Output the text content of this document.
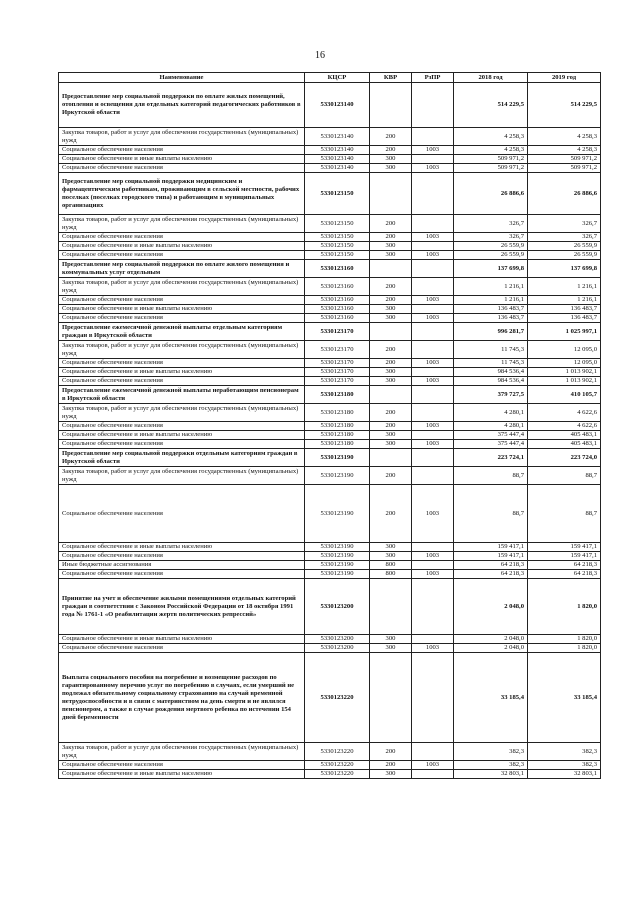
16
Наименование	КЦСР	КВР	РзПР	2018 год	2019 год
Предоставление мер социальной поддержки по оплате жилых помещений, отопления и освещения для отдельных категорий педагогических работников в Иркутской области	5330123140			514 229,5	514 229,5
Закупка товаров, работ и услуг для обеспечения государственных (муниципальных) нужд	5330123140	200		4 258,3	4 258,3
Социальное обеспечение населения	5330123140	200	1003	4 258,3	4 258,3
Социальное обеспечение и иные выплаты населению	5330123140	300		509 971,2	509 971,2
Социальное обеспечение населения	5330123140	300	1003	509 971,2	509 971,2
Предоставление мер социальной поддержки медицинским и фармацевтическим работникам, проживающим в сельской местности, рабочих поселках (поселках городского типа) и работающим в муниципальных организациях	5330123150			26 886,6	26 886,6
Закупка товаров, работ и услуг для обеспечения государственных (муниципальных) нужд	5330123150	200		326,7	326,7
Социальное обеспечение населения	5330123150	200	1003	326,7	326,7
Социальное обеспечение и иные выплаты населению	5330123150	300		26 559,9	26 559,9
Социальное обеспечение населения	5330123150	300	1003	26 559,9	26 559,9
Предоставление мер социальной поддержки по оплате жилого помещения и коммунальных услуг отдельным	5330123160			137 699,8	137 699,8
Закупка товаров, работ и услуг для обеспечения государственных (муниципальных) нужд	5330123160	200		1 216,1	1 216,1
Социальное обеспечение населения	5330123160	200	1003	1 216,1	1 216,1
Социальное обеспечение и иные выплаты населению	5330123160	300		136 483,7	136 483,7
Социальное обеспечение населения	5330123160	300	1003	136 483,7	136 483,7
Предоставление ежемесячной денежной выплаты отдельным категориям граждан в Иркутской области	5330123170			996 281,7	1 025 997,1
Закупка товаров, работ и услуг для обеспечения государственных (муниципальных) нужд	5330123170	200		11 745,3	12 095,0
Социальное обеспечение населения	5330123170	200	1003	11 745,3	12 095,0
Социальное обеспечение и иные выплаты населению	5330123170	300		984 536,4	1 013 902,1
Социальное обеспечение населения	5330123170	300	1003	984 536,4	1 013 902,1
Предоставление ежемесячной денежной выплаты неработающим пенсионерам в Иркутской области	5330123180			379 727,5	410 105,7
Закупка товаров, работ и услуг для обеспечения государственных (муниципальных) нужд	5330123180	200		4 280,1	4 622,6
Социальное обеспечение населения	5330123180	200	1003	4 280,1	4 622,6
Социальное обеспечение и иные выплаты населению	5330123180	300		375 447,4	405 483,1
Социальное обеспечение населения	5330123180	300	1003	375 447,4	405 483,1
Предоставление мер социальной поддержки отдельным категориям граждан в Иркутской области	5330123190			223 724,1	223 724,0
Закупка товаров, работ и услуг для обеспечения государственных (муниципальных) нужд	5330123190	200		88,7	88,7
Социальное обеспечение населения	5330123190	200	1003	88,7	88,7
Социальное обеспечение и иные выплаты населению	5330123190	300		159 417,1	159 417,1
Социальное обеспечение населения	5330123190	300	1003	159 417,1	159 417,1
Иные бюджетные ассигнования	5330123190	800		64 218,3	64 218,3
Социальное обеспечение населения	5330123190	800	1003	64 218,3	64 218,3
Принятие на учет и обеспечение жилыми помещениями отдельных категорий граждан в соответствии с Законом Российской Федерации от 18 октября 1991 года № 1761-1 «О реабилитации жертв политических репрессий»	5330123200			2 048,0	1 820,0
Социальное обеспечение и иные выплаты населению	5330123200	300		2 048,0	1 820,0
Социальное обеспечение населения	5330123200	300	1003	2 048,0	1 820,0
Выплата социального пособия на погребение и возмещение расходов по гарантированному перечню услуг по погребению в случаях, если умерший не подлежал обязательному социальному страхованию на случай временной нетрудоспособности и в связи с материнством на день смерти и не являлся пенсионером, а также в случае рождения мертвого ребенка по истечении 154 дней беременности	5330123220			33 185,4	33 185,4
Закупка товаров, работ и услуг для обеспечения государственных (муниципальных) нужд	5330123220	200		382,3	382,3
Социальное обеспечение населения	5330123220	200	1003	382,3	382,3
Социальное обеспечение и иные выплаты населению	5330123220	300		32 803,1	32 803,1
